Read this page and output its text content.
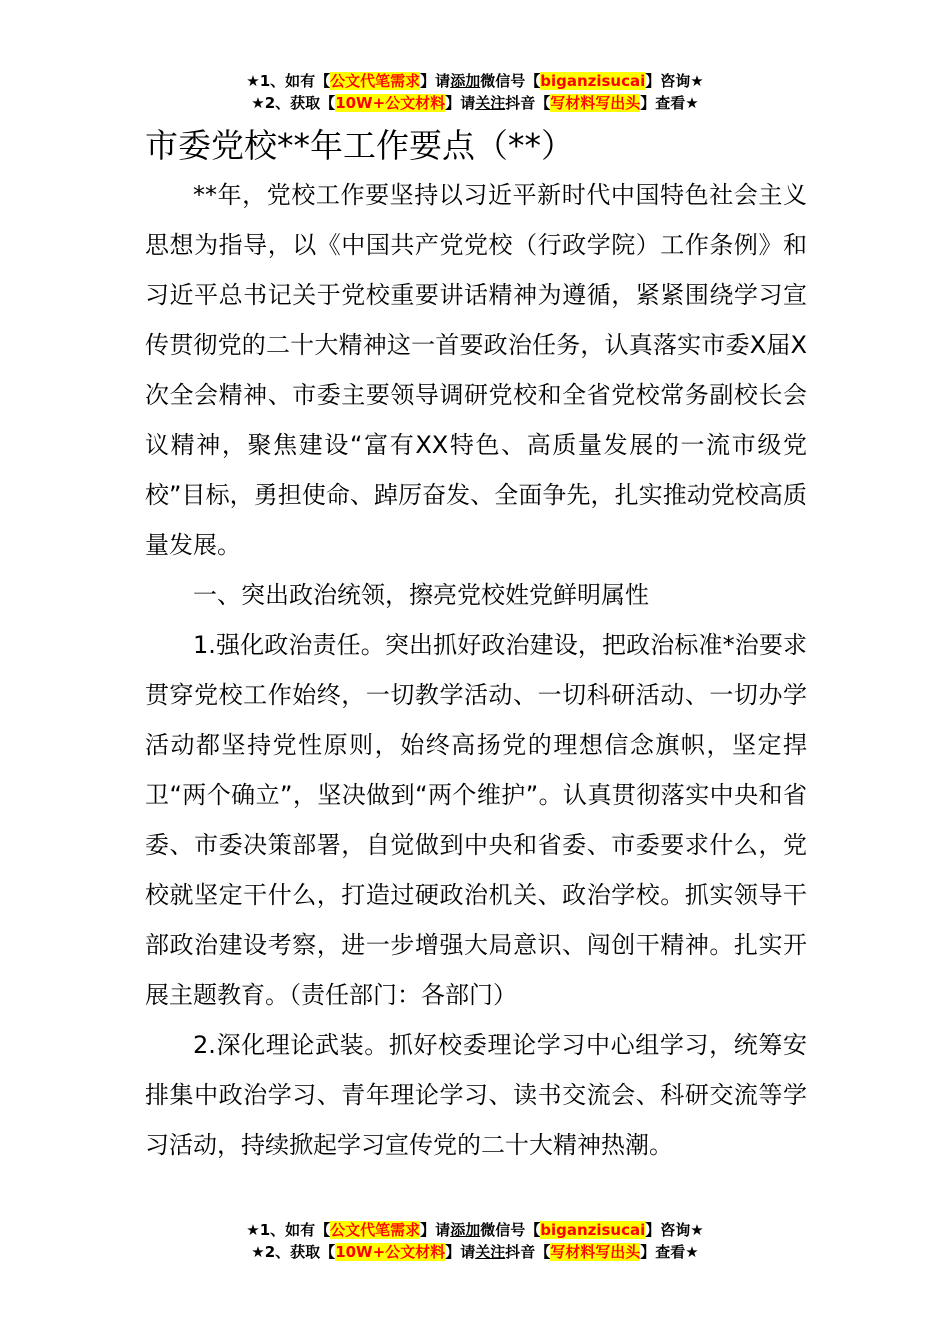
★1、如有【公文代笔需求】请添加微信号【biganzisucai】咨询★
★2、获取【10W+公文材料】请关注抖音【写材料写出头】查看★
市委党校**年工作要点（**）

**年，党校工作要坚持以习近平新时代中国特色社会主义思想为指导，以《中国共产党党校（行政学院）工作条例》和习近平总书记关于党校重要讲话精神为遵循，紧紧围绕学习宣传贯彻党的二十大精神这一首要政治任务，认真落实市委X届X次全会精神、市委主要领导调研党校和全省党校常务副校长会议精神，聚焦建设“富有XX特色、高质量发展的一流市级党校”目标，勇担使命、踔厉奋发、全面争先，扎实推动党校高质量发展。

一、突出政治统领，擦亮党校姓党鲜明属性

1.强化政治责任。突出抓好政治建设，把政治标准*治要求贯穿党校工作始终，一切教学活动、一切科研活动、一切办学活动都坚持党性原则，始终高扬党的理想信念旗帜，坚定捍卫“两个确立”，坚决做到“两个维护”。认真贯彻落实中央和省委、市委决策部署，自觉做到中央和省委、市委要求什么，党校就坚定干什么，打造过硬政治机关、政治学校。抓实领导干部政治建设考察，进一步增强大局意识、闯创干精神。扎实开展主题教育。（责任部门：各部门）

2.深化理论武装。抓好校委理论学习中心组学习，统筹安排集中政治学习、青年理论学习、读书交流会、科研交流等学习活动，持续掀起学习宣传党的二十大精神热潮。

★1、如有【公文代笔需求】请添加微信号【biganzisucai】咨询★
★2、获取【10W+公文材料】请关注抖音【写材料写出头】查看★
